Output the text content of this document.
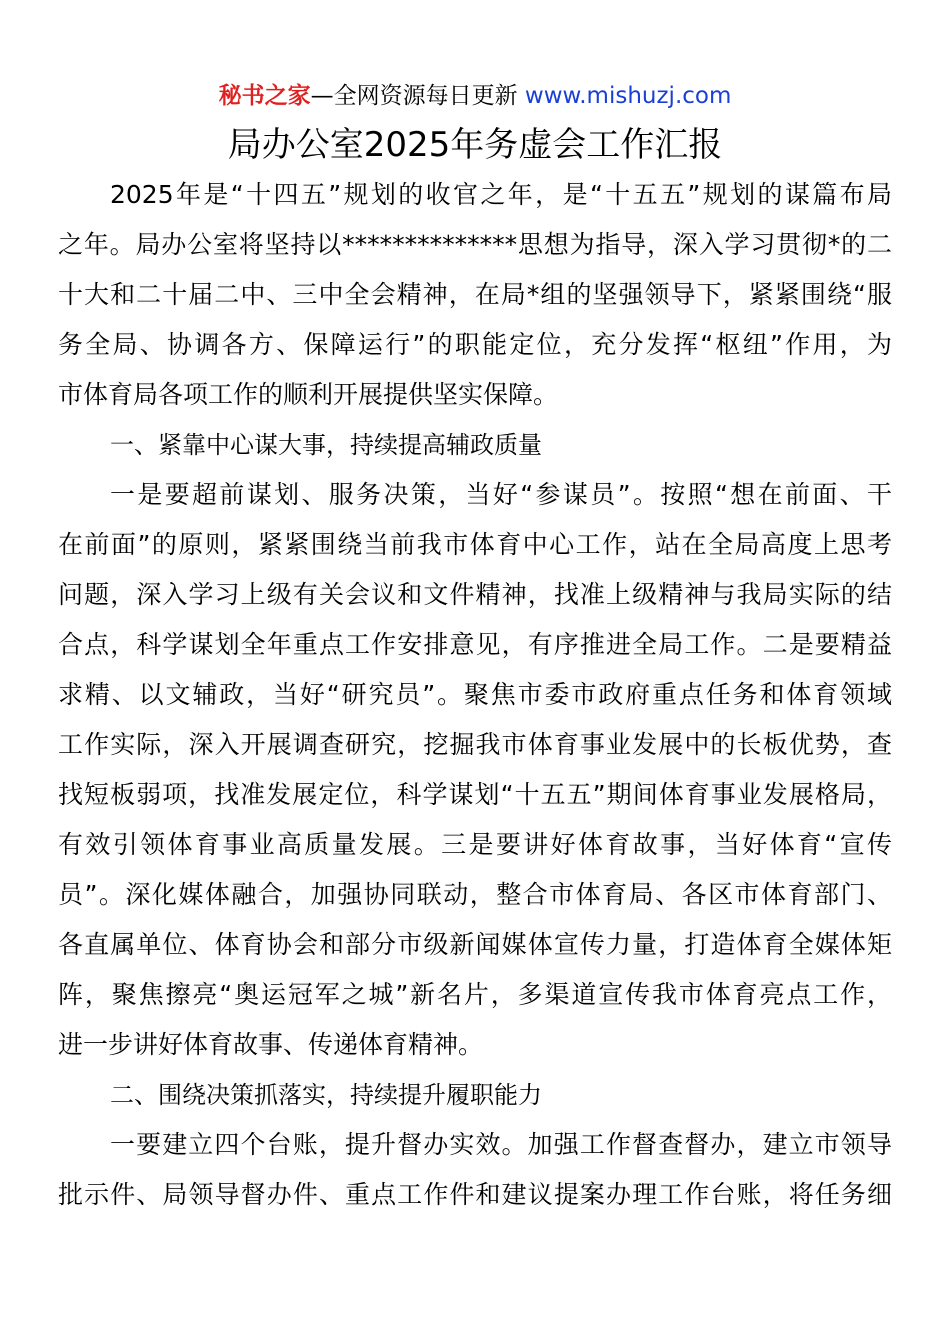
秘书之家—全网资源每日更新 www.mishuzj.com
局办公室2025年务虚会工作汇报
2025年是“十四五”规划的收官之年，是“十五五”规划的谋篇布局
之年。局办公室将坚持以**************思想为指导，深入学习贯彻*的二
十大和二十届二中、三中全会精神，在局*组的坚强领导下，紧紧围绕“服
务全局、协调各方、保障运行”的职能定位，充分发挥“枢纽”作用，为
市体育局各项工作的顺利开展提供坚实保障。
一、紧靠中心谋大事，持续提高辅政质量
一是要超前谋划、服务决策，当好“参谋员”。按照“想在前面、干
在前面”的原则，紧紧围绕当前我市体育中心工作，站在全局高度上思考
问题，深入学习上级有关会议和文件精神，找准上级精神与我局实际的结
合点，科学谋划全年重点工作安排意见，有序推进全局工作。二是要精益
求精、以文辅政，当好“研究员”。聚焦市委市政府重点任务和体育领域
工作实际，深入开展调查研究，挖掘我市体育事业发展中的长板优势，查
找短板弱项，找准发展定位，科学谋划“十五五”期间体育事业发展格局，
有效引领体育事业高质量发展。三是要讲好体育故事，当好体育“宣传
员”。深化媒体融合，加强协同联动，整合市体育局、各区市体育部门、
各直属单位、体育协会和部分市级新闻媒体宣传力量，打造体育全媒体矩
阵，聚焦擦亮“奥运冠军之城”新名片，多渠道宣传我市体育亮点工作，
进一步讲好体育故事、传递体育精神。
二、围绕决策抓落实，持续提升履职能力
一要建立四个台账，提升督办实效。加强工作督查督办，建立市领导
批示件、局领导督办件、重点工作件和建议提案办理工作台账，将任务细
